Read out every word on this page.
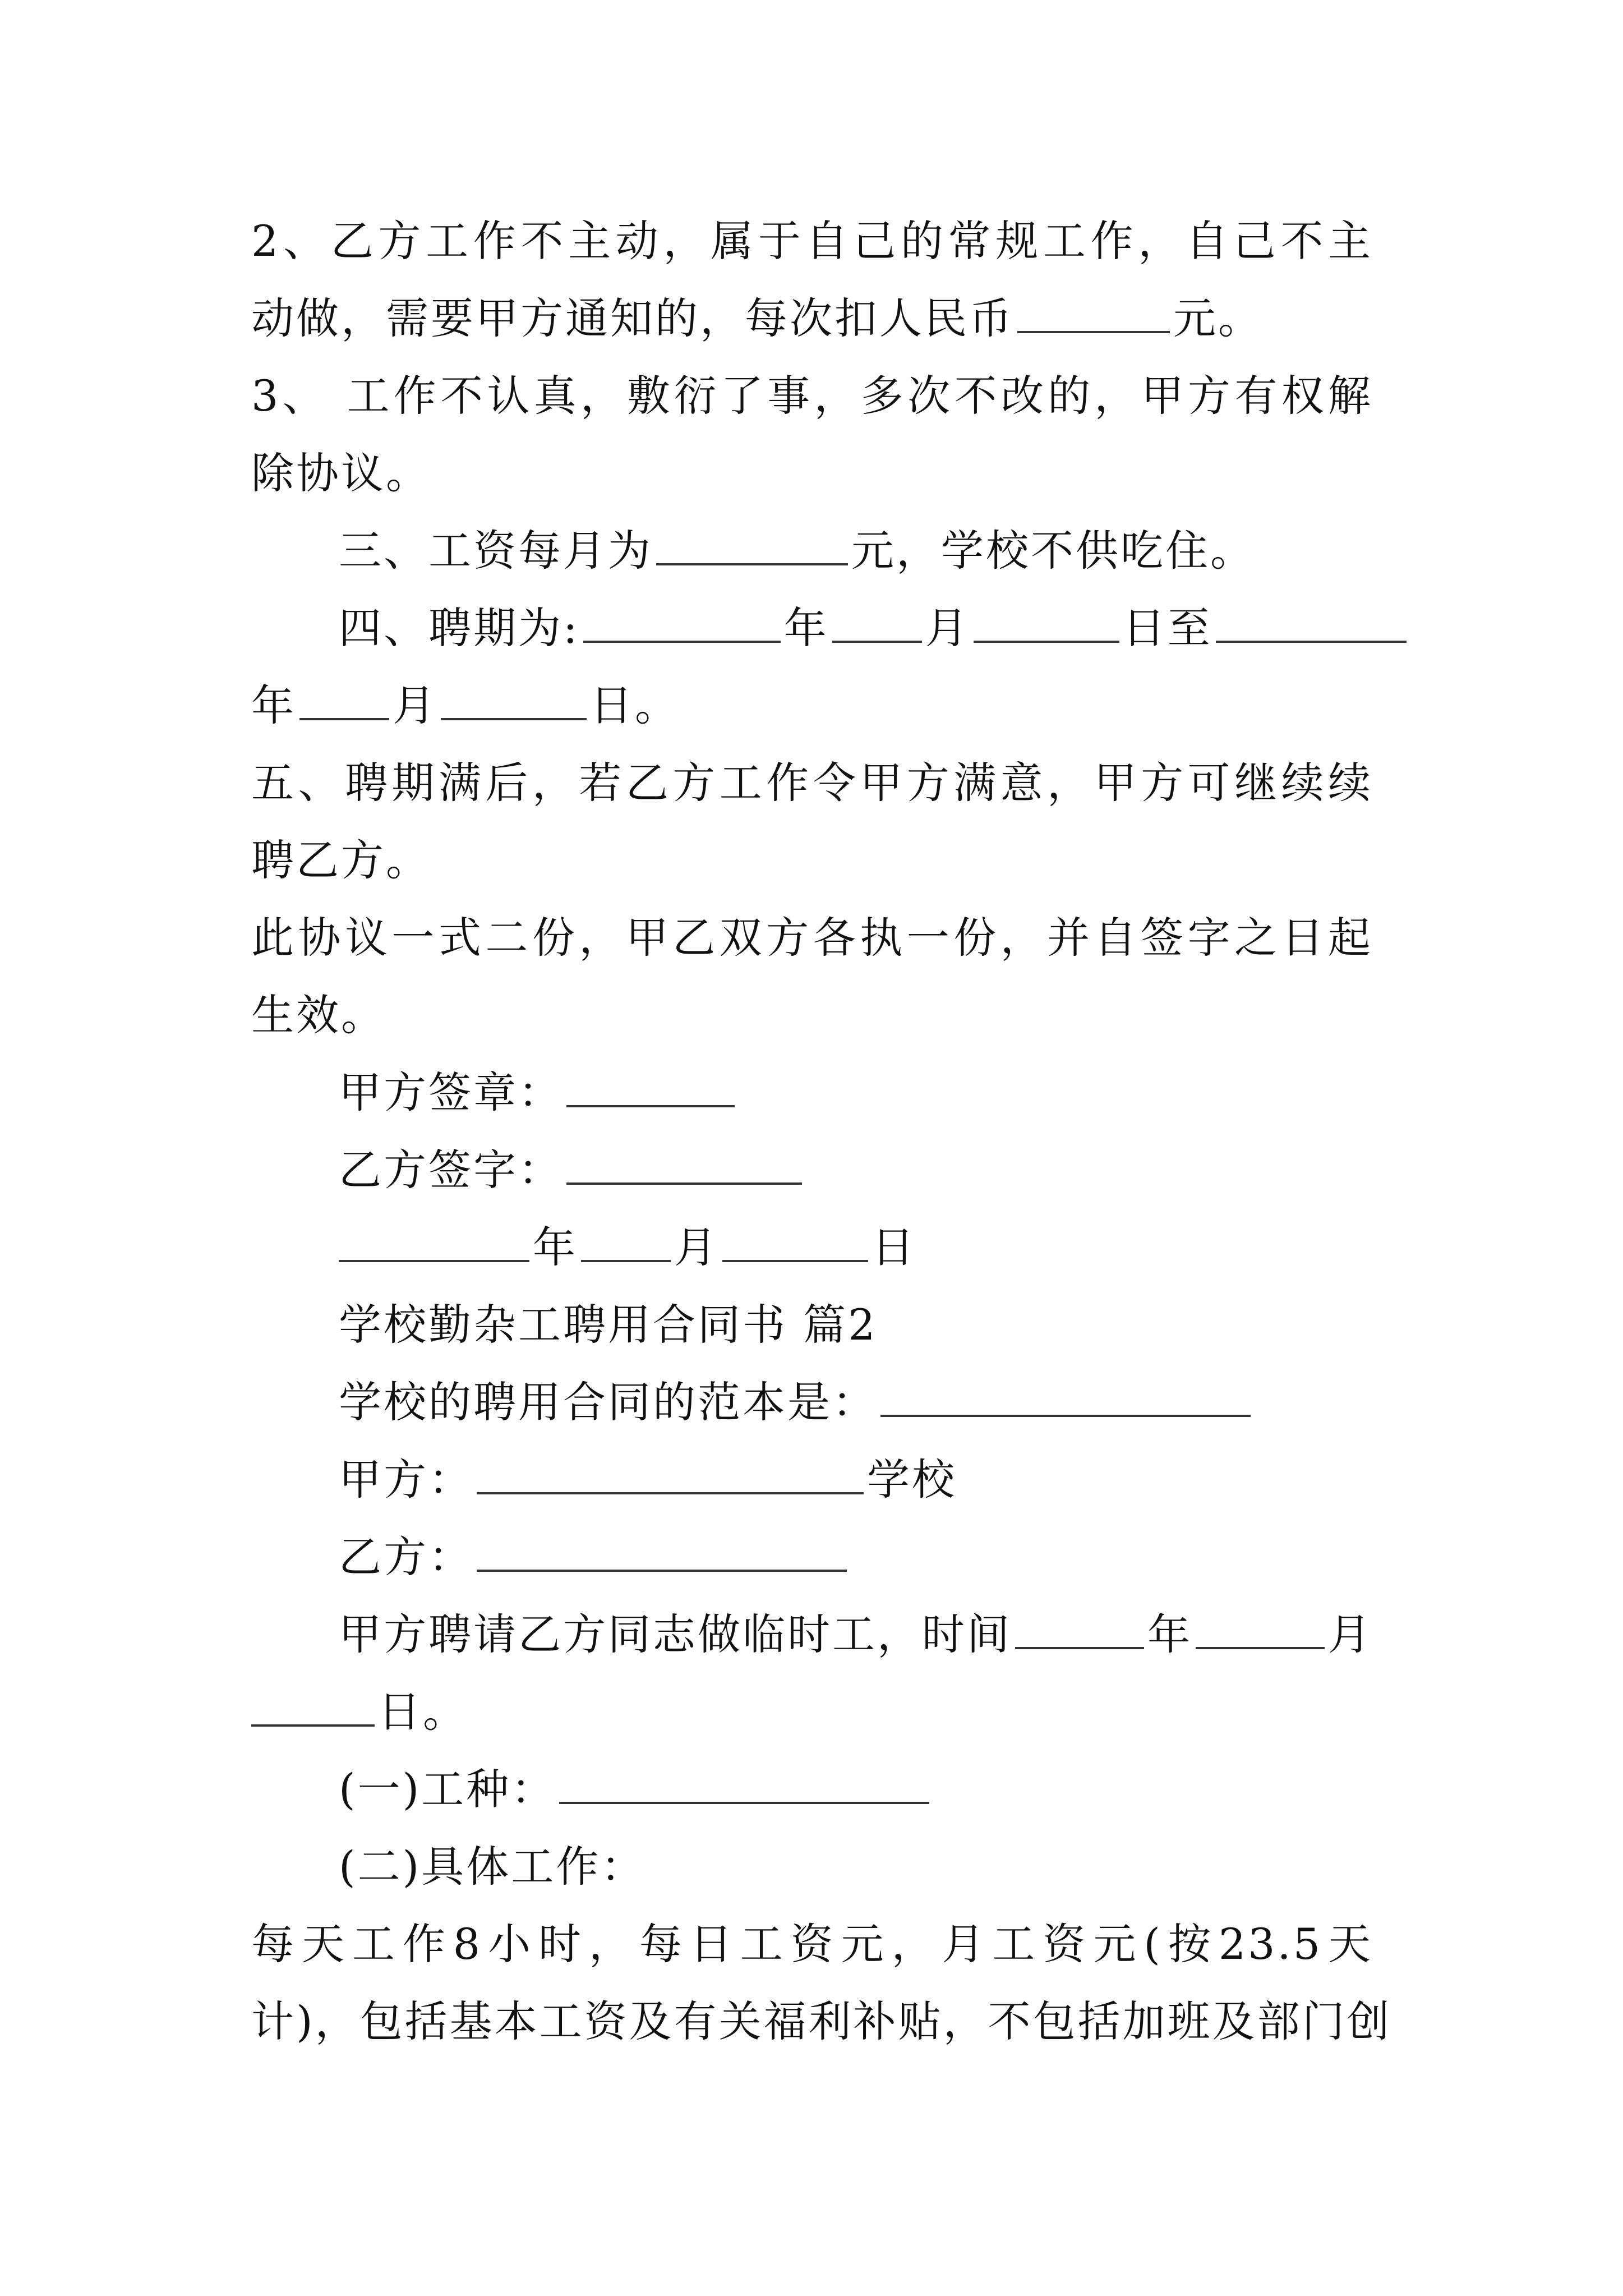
2、乙方工作不主动，属于自己的常规工作，自己不主

动做，需要甲方通知的，每次扣人民币	元。

3、 工作不认真，敷衍了事，多次不改的，甲方有权解

除协议。

三、工资每月为	元，学校不供吃住。

四、聘期为:	年 月	日至

年 月	日。

五、聘期满后，若乙方工作令甲方满意，甲方可继续续

聘乙方。

此协议一式二份，甲乙双方各执一份，并自签字之日起

生效。

甲方签章：

乙方签字：

年 月	日

学校勤杂工聘用合同书 篇2

学校的聘用合同的范本是：

甲方：	学校

乙方：

甲方聘请乙方同志做临时工，时间	年	月

日。

(一)工种：

(二)具体工作：

每天工作8小时，每日工资元，月工资元(按23.5天

计)，包括基本工资及有关福利补贴，不包括加班及部门创
